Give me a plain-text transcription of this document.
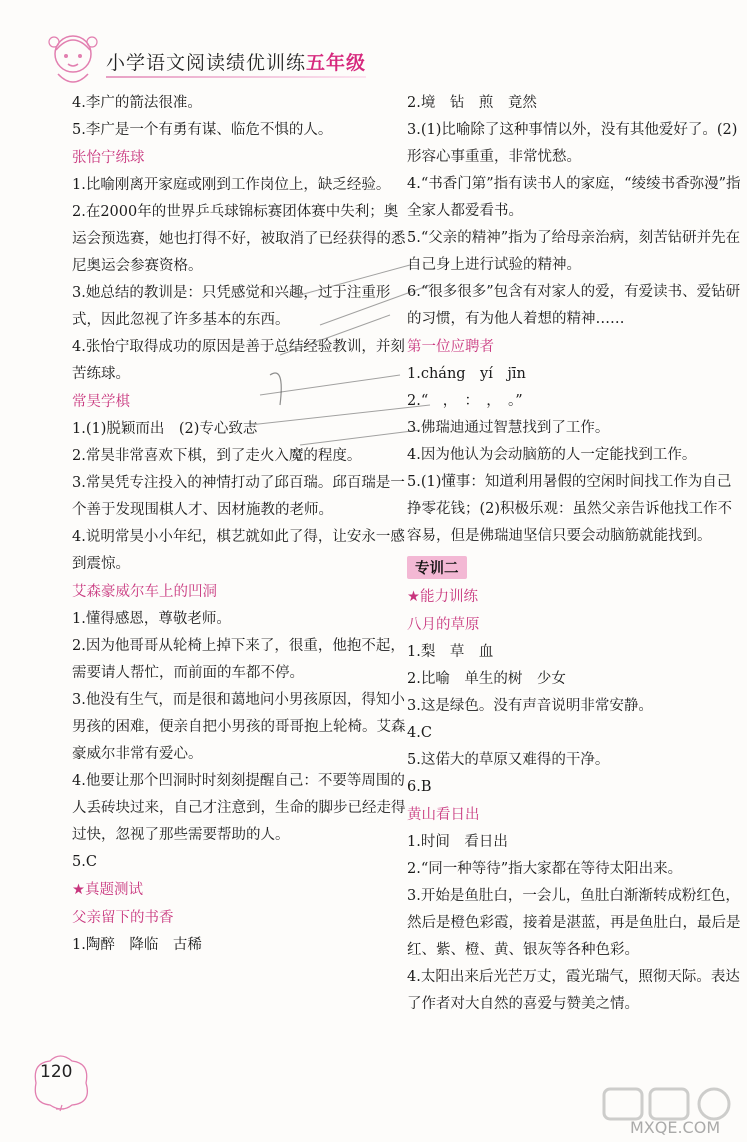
小学语文阅读绩优训练五年级

4.李广的箭法很准。

5.李广是一个有勇有谋、临危不惧的人。

张怡宁练球

1.比喻刚离开家庭或刚到工作岗位上，缺乏经验。

2.在2000年的世界乒乓球锦标赛团体赛中失利；奥运会预选赛，她也打得不好，被取消了已经获得的悉尼奥运会参赛资格。

3.她总结的教训是：只凭感觉和兴趣，过于注重形式，因此忽视了许多基本的东西。

4.张怡宁取得成功的原因是善于总结经验教训，并刻苦练球。

常昊学棋

1.(1)脱颖而出　(2)专心致志

2.常昊非常喜欢下棋，到了走火入魔的程度。

3.常昊凭专注投入的神情打动了邱百瑞。邱百瑞是一个善于发现围棋人才、因材施教的老师。

4.说明常昊小小年纪，棋艺就如此了得，让安永一感到震惊。

艾森豪威尔车上的凹洞

1.懂得感恩，尊敬老师。

2.因为他哥哥从轮椅上掉下来了，很重，他抱不起，需要请人帮忙，而前面的车都不停。

3.他没有生气，而是很和蔼地问小男孩原因，得知小男孩的困难，便亲自把小男孩的哥哥抱上轮椅。艾森豪威尔非常有爱心。

4.他要让那个凹洞时时刻刻提醒自己：不要等周围的人丢砖块过来，自己才注意到，生命的脚步已经走得过快，忽视了那些需要帮助的人。

5.C

★真题测试

父亲留下的书香

1.陶醉　降临　古稀

2.境　钻　煎　竟然

3.(1)比喻除了这种事情以外，没有其他爱好了。(2)形容心事重重，非常忧愁。

4.“书香门第”指有读书人的家庭，“绫绫书香弥漫”指全家人都爱看书。

5.“父亲的精神”指为了给母亲治病，刻苦钻研并先在自己身上进行试验的精神。

6.“很多很多”包含有对家人的爱，有爱读书、爱钻研的习惯，有为他人着想的精神……

第一位应聘者

1.cháng　yí　jīn

2.“　，　：　，　。”

3.佛瑞迪通过智慧找到了工作。

4.因为他认为会动脑筋的人一定能找到工作。

5.(1)懂事：知道利用暑假的空闲时间找工作为自己挣零花钱；(2)积极乐观：虽然父亲告诉他找工作不容易，但是佛瑞迪坚信只要会动脑筋就能找到。

专训二

★能力训练

八月的草原

1.梨　草　血

2.比喻　单生的树　少女

3.这是绿色。没有声音说明非常安静。

4.C

5.这偌大的草原又难得的干净。

6.B

黄山看日出

1.时间　看日出

2.“同一种等待”指大家都在等待太阳出来。

3.开始是鱼肚白，一会儿，鱼肚白渐渐转成粉红色，然后是橙色彩霞，接着是湛蓝，再是鱼肚白，最后是红、紫、橙、黄、银灰等各种色彩。

4.太阳出来后光芒万丈，霞光瑞气，照彻天际。表达了作者对大自然的喜爱与赞美之情。

120
MXQE.COM
